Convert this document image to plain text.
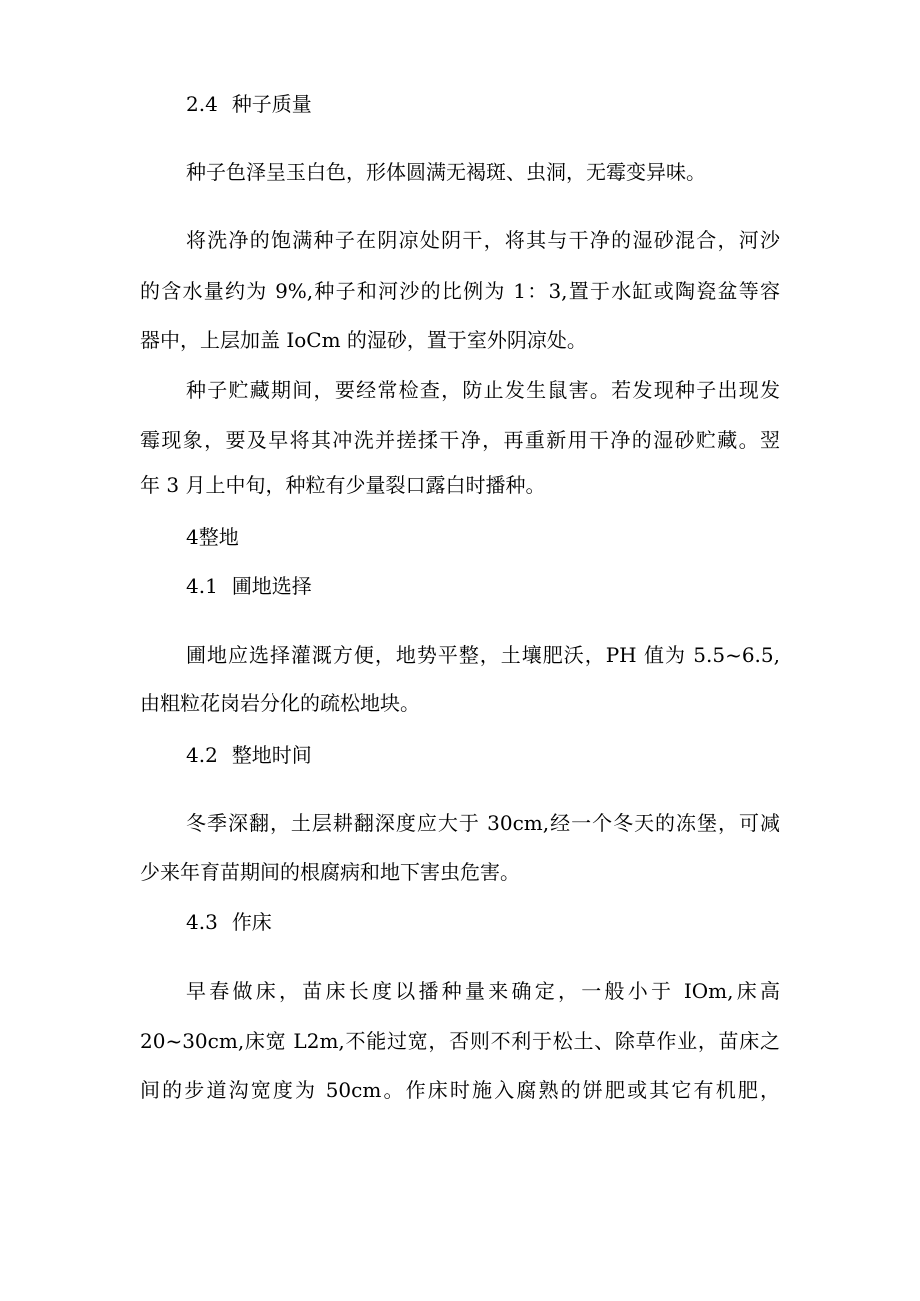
2.4 种子质量
种子色泽呈玉白色，形体圆满无褐斑、虫洞，无霉变异味。
将洗净的饱满种子在阴凉处阴干，将其与干净的湿砂混合，河沙
的含水量约为 9%,种子和河沙的比例为 1：3,置于水缸或陶瓷盆等容
器中，上层加盖 IoCm 的湿砂，置于室外阴凉处。
种子贮藏期间，要经常检查，防止发生鼠害。若发现种子出现发
霉现象，要及早将其冲洗并搓揉干净，再重新用干净的湿砂贮藏。翌
年 3 月上中旬，种粒有少量裂口露白时播种。
4整地
4.1 圃地选择
圃地应选择灌溉方便，地势平整，土壤肥沃，PH 值为 5.5~6.5,
由粗粒花岗岩分化的疏松地块。
4.2 整地时间
冬季深翻，土层耕翻深度应大于 30cm,经一个冬天的冻堡，可减
少来年育苗期间的根腐病和地下害虫危害。
4.3 作床
早春做床，苗床长度以播种量来确定，一般小于 IOm,床高
20~30cm,床宽 L2m,不能过宽，否则不利于松土、除草作业，苗床之
间的步道沟宽度为 50cm。作床时施入腐熟的饼肥或其它有机肥，
